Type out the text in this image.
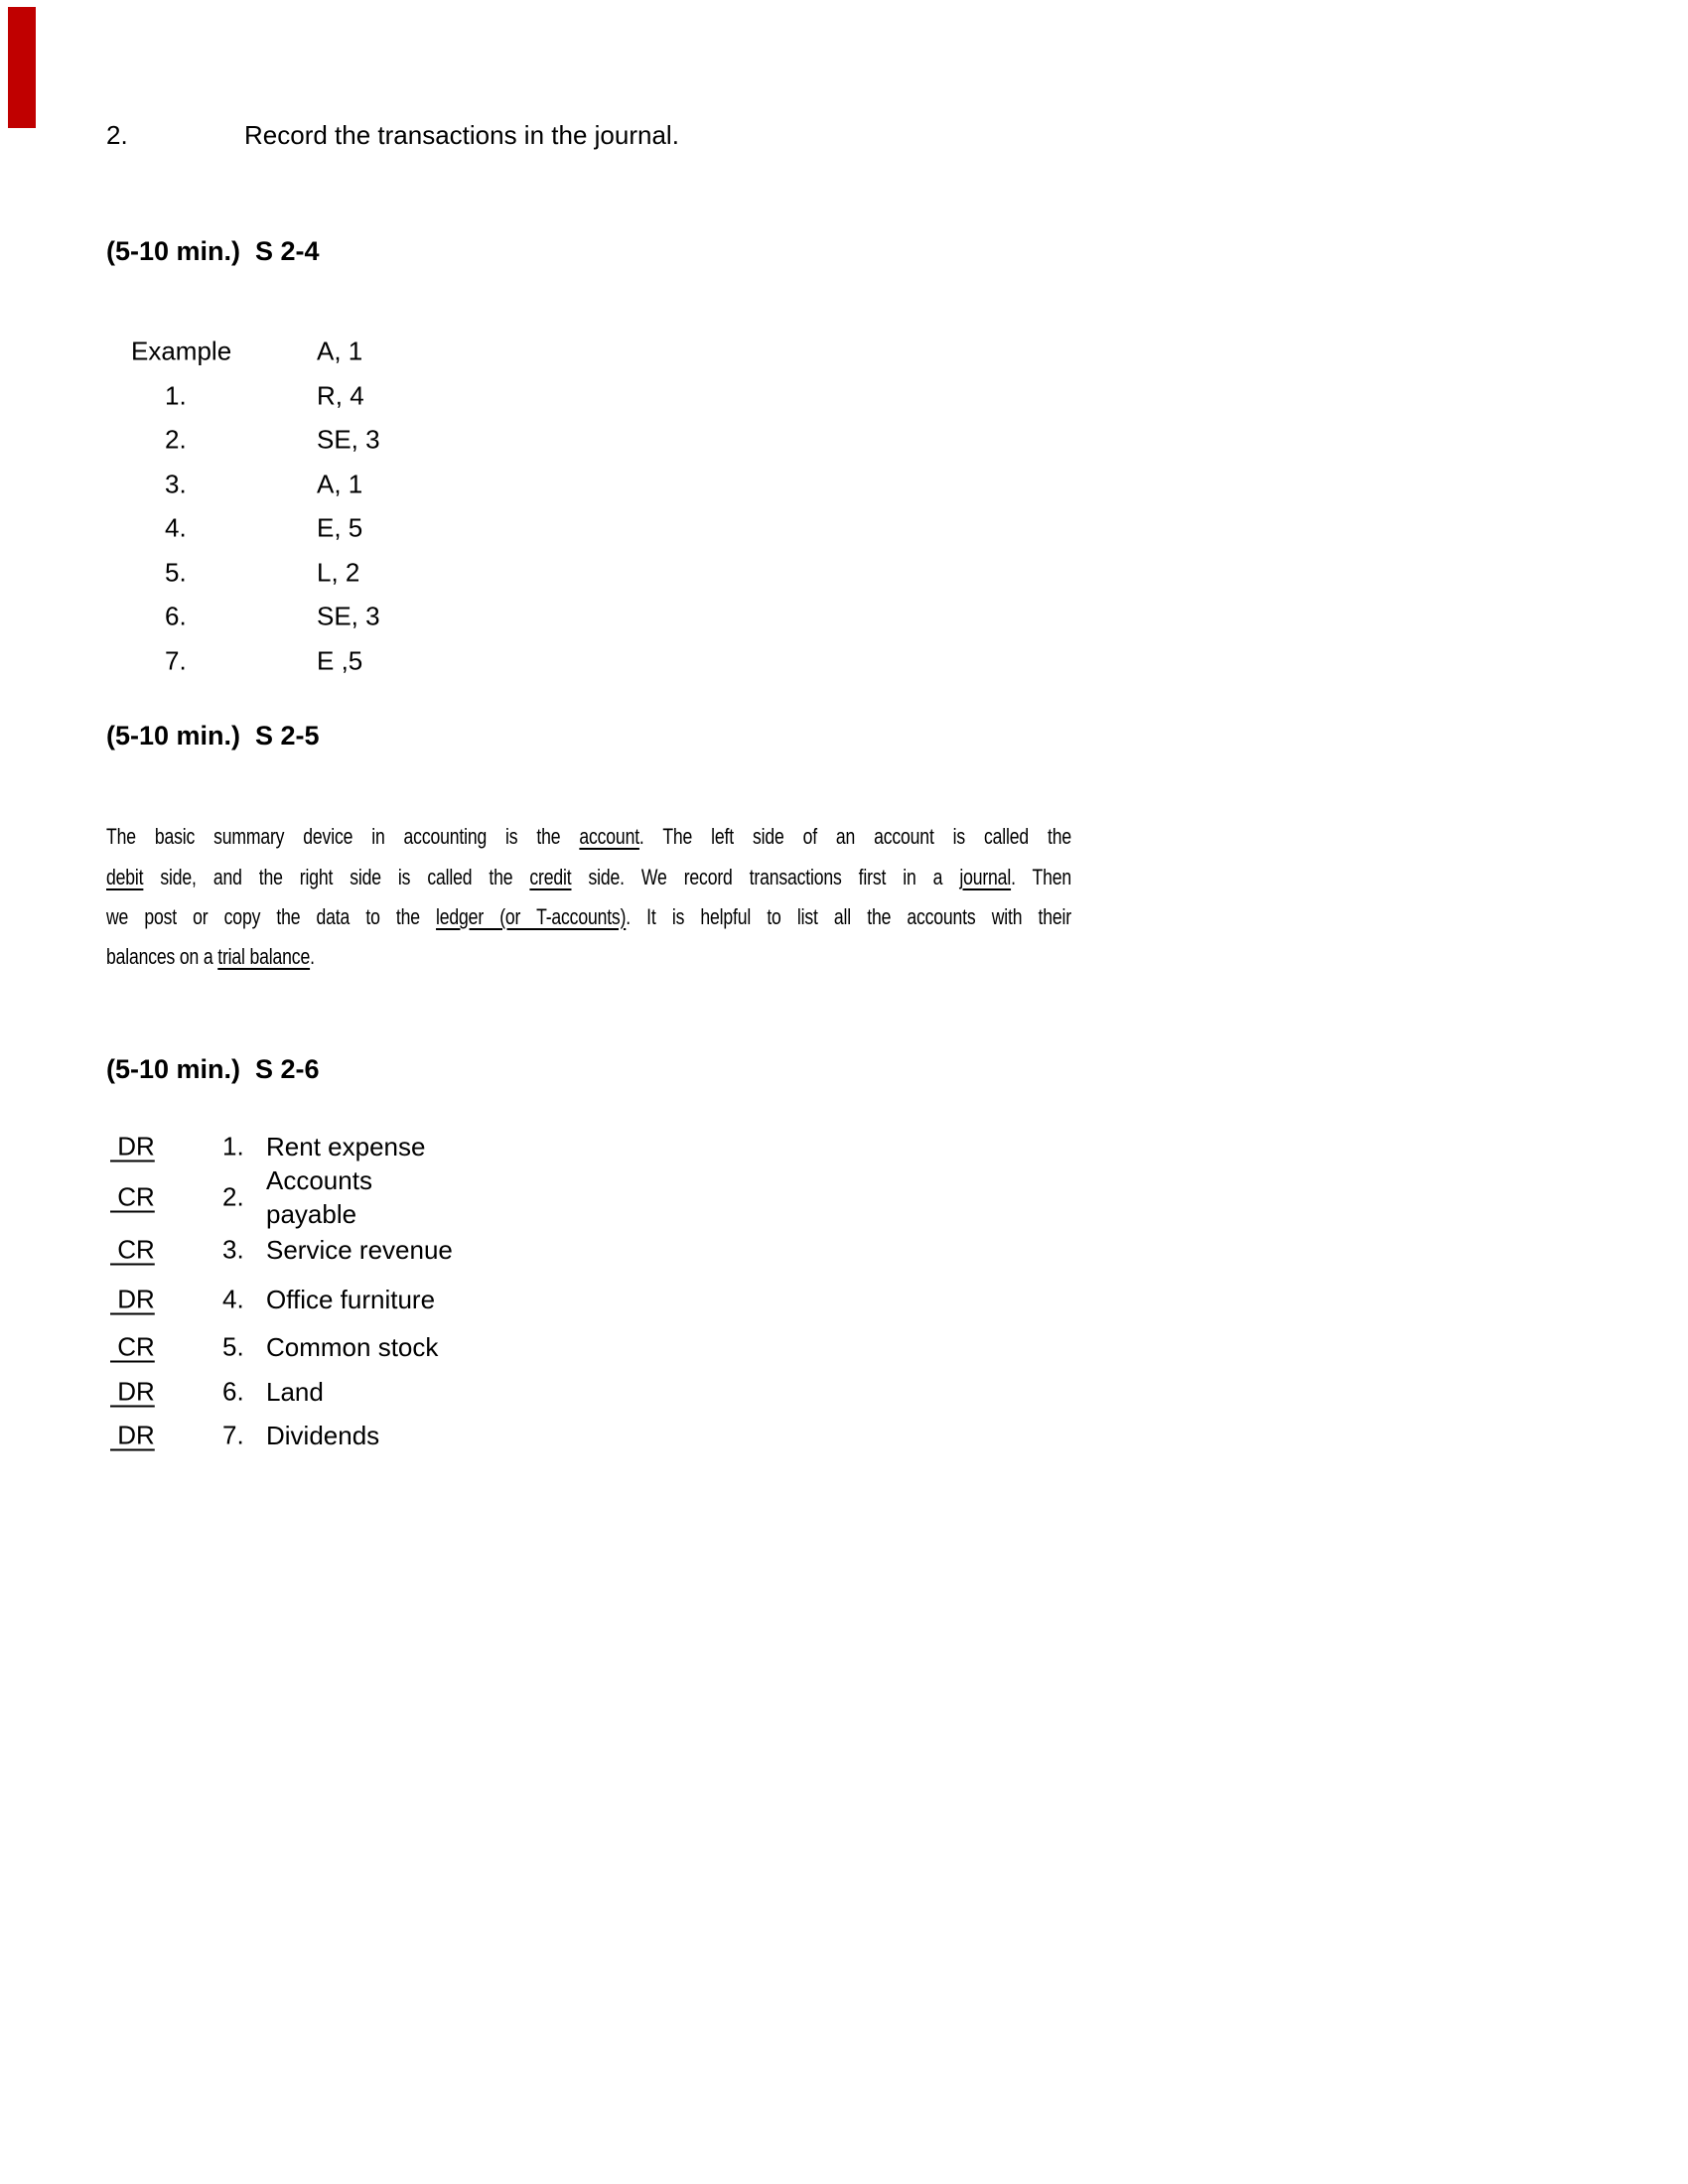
2.	Record the transactions in the journal.
(5-10 min.)  S 2-4
Example	A, 1
1.	R, 4
2.	SE, 3
3.	A, 1
4.	E, 5
5.	L, 2
6.	SE, 3
7.	E ,5
(5-10 min.)  S 2-5
The basic summary device in accounting is the account. The left side of an account is called the
debit side, and the right side is called the credit side. We record transactions first in a journal. Then
we post or copy the data to the ledger (or T-accounts). It is helpful to list all the accounts with their
balances on a trial balance.
(5-10 min.)  S 2-6
DR	1. Rent expense
CR	2.
Accounts
payable
CR	3. Service revenue
DR	4. Office furniture
CR	5. Common stock
DR	6. Land
DR	7. Dividends
